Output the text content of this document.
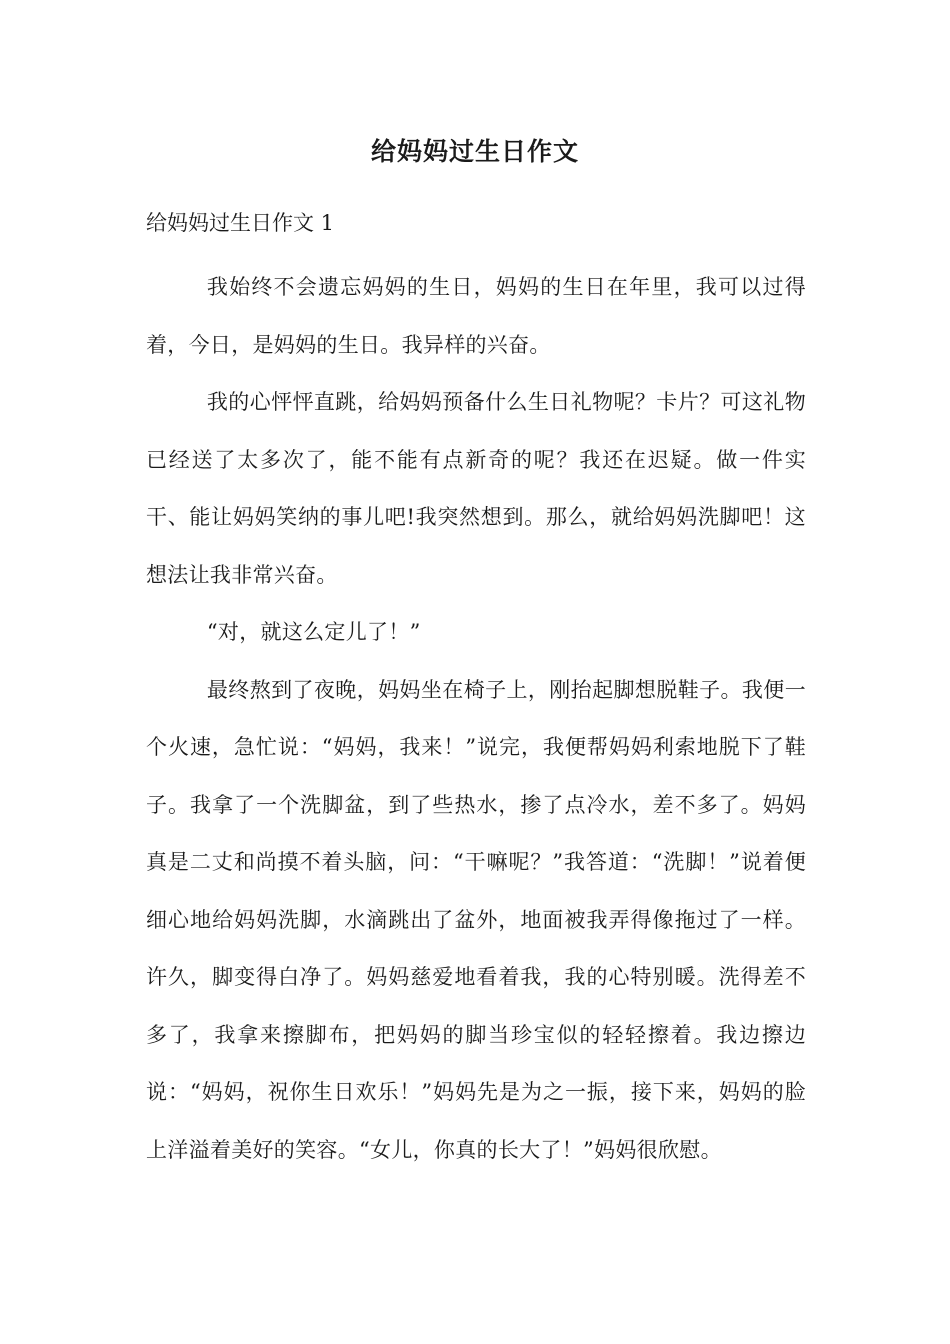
给妈妈过生日作文
给妈妈过生日作文 1

我始终不会遗忘妈妈的生日，妈妈的生日在年里，我可以过得着，今日，是妈妈的生日。我异样的兴奋。

我的心怦怦直跳，给妈妈预备什么生日礼物呢？卡片？可这礼物已经送了太多次了，能不能有点新奇的呢？我还在迟疑。做一件实干、能让妈妈笑纳的事儿吧!我突然想到。那么，就给妈妈洗脚吧！这想法让我非常兴奋。

“对，就这么定儿了！”

最终熬到了夜晚，妈妈坐在椅子上，刚抬起脚想脱鞋子。我便一个火速，急忙说：“妈妈，我来！”说完，我便帮妈妈利索地脱下了鞋子。我拿了一个洗脚盆，到了些热水，掺了点冷水，差不多了。妈妈真是二丈和尚摸不着头脑，问：“干嘛呢？”我答道：“洗脚！”说着便细心地给妈妈洗脚，水滴跳出了盆外，地面被我弄得像拖过了一样。许久，脚变得白净了。妈妈慈爱地看着我，我的心特别暖。洗得差不多了，我拿来擦脚布，把妈妈的脚当珍宝似的轻轻擦着。我边擦边说：“妈妈，祝你生日欢乐！”妈妈先是为之一振，接下来，妈妈的脸上洋溢着美好的笑容。“女儿，你真的长大了！”妈妈很欣慰。
